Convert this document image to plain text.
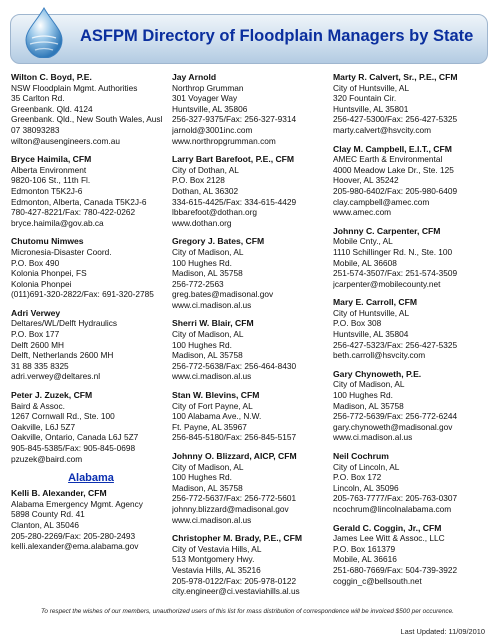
ASFPM Directory of Floodplain Managers by State
Wilton C. Boyd, P.E.
NSW Floodplain Mgmt. Authorities
35 Carlton Rd.
Greenbank. Qld. 4124
Greenbank. Qld., New South Wales, Ausl
07 38093283
wilton@ausengineers.com.au
Bryce Haimila, CFM
Alberta Environment
9820-106 St., 11th Fl.
Edmonton T5K2J-6
Edmonton, Alberta, Canada T5K2J-6
780-427-8221/Fax: 780-422-0262
bryce.haimila@gov.ab.ca
Chutomu Nimwes
Micronesia-Disaster Coord.
P.O. Box 490
Kolonia Phonpei, FS
Kolonia Phonpei
(011)691-320-2822/Fax: 691-320-2785
Adri Verwey
Deltares/WL/Delft Hydraulics
P.O. Box 177
Delft 2600 MH
Delft, Netherlands 2600 MH
31 88 335 8325
adri.verwey@deltares.nl
Peter J. Zuzek, CFM
Baird & Assoc.
1267 Cornwall Rd., Ste. 100
Oakville, L6J 5Z7
Oakville, Ontario, Canada L6J 5Z7
905-845-5385/Fax: 905-845-0698
pzuzek@baird.com
Alabama
Kelli B. Alexander, CFM
Alabama Emergency Mgmt. Agency
5898 County Rd. 41
Clanton, AL 35046
205-280-2269/Fax: 205-280-2493
kelli.alexander@ema.alabama.gov
Jay Arnold
Northrop Grumman
301 Voyager Way
Huntsville, AL 35806
256-327-9375/Fax: 256-327-9314
jarnold@3001inc.com
www.northropgrumman.com
Larry Bart Barefoot, P.E., CFM
City of Dothan, AL
P.O. Box 2128
Dothan, AL 36302
334-615-4425/Fax: 334-615-4429
lbbarefoot@dothan.org
www.dothan.org
Gregory J. Bates, CFM
City of Madison, AL
100 Hughes Rd.
Madison, AL 35758
256-772-2563
greg.bates@madisonal.gov
www.ci.madison.al.us
Sherri W. Blair, CFM
City of Madison, AL
100 Hughes Rd.
Madison, AL 35758
256-772-5638/Fax: 256-464-8430
www.ci.madison.al.us
Stan W. Blevins, CFM
City of Fort Payne, AL
100 Alabama Ave., N.W.
Ft. Payne, AL 35967
256-845-5180/Fax: 256-845-5157
Johnny O. Blizzard, AICP, CFM
City of Madison, AL
100 Hughes Rd.
Madison, AL 35758
256-772-5637/Fax: 256-772-5601
johnny.blizzard@madisonal.gov
www.ci.madison.al.us
Christopher M. Brady, P.E., CFM
City of Vestavia Hills, AL
513 Montgomery Hwy.
Vestavia Hills, AL 35216
205-978-0122/Fax: 205-978-0122
city.engineer@ci.vestaviahills.al.us
Marty R. Calvert, Sr., P.E., CFM
City of Huntsville, AL
320 Fountain Cir.
Huntsville, AL 35801
256-427-5300/Fax: 256-427-5325
marty.calvert@hsvcity.com
Clay M. Campbell, E.I.T., CFM
AMEC Earth & Environmental
4000 Meadow Lake Dr., Ste. 125
Hoover, AL 35242
205-980-6402/Fax: 205-980-6409
clay.campbell@amec.com
www.amec.com
Johnny C. Carpenter, CFM
Mobile Cnty., AL
1110 Schillinger Rd. N., Ste. 100
Mobile, AL 36608
251-574-3507/Fax: 251-574-3509
jcarpenter@mobilecounty.net
Mary E. Carroll, CFM
City of Huntsville, AL
P.O. Box 308
Huntsville, AL 35804
256-427-5323/Fax: 256-427-5325
beth.carroll@hsvcity.com
Gary Chynoweth, P.E.
City of Madison, AL
100 Hughes Rd.
Madison, AL 35758
256-772-5639/Fax: 256-772-6244
gary.chynoweth@madisonal.gov
www.ci.madison.al.us
Neil Cochrum
City of Lincoln, AL
P.O. Box 172
Lincoln, AL 35096
205-763-7777/Fax: 205-763-0307
ncochrum@lincolnalabama.com
Gerald C. Coggin, Jr., CFM
James Lee Witt & Assoc., LLC
P.O. Box 161379
Mobile, AL 36616
251-680-7669/Fax: 504-739-3922
coggin_c@bellsouth.net
To respect the wishes of our members, unauthorized users of this list for mass distribution of correspondence will be invoiced $500 per occurence.
Last Updated: 11/09/2010
